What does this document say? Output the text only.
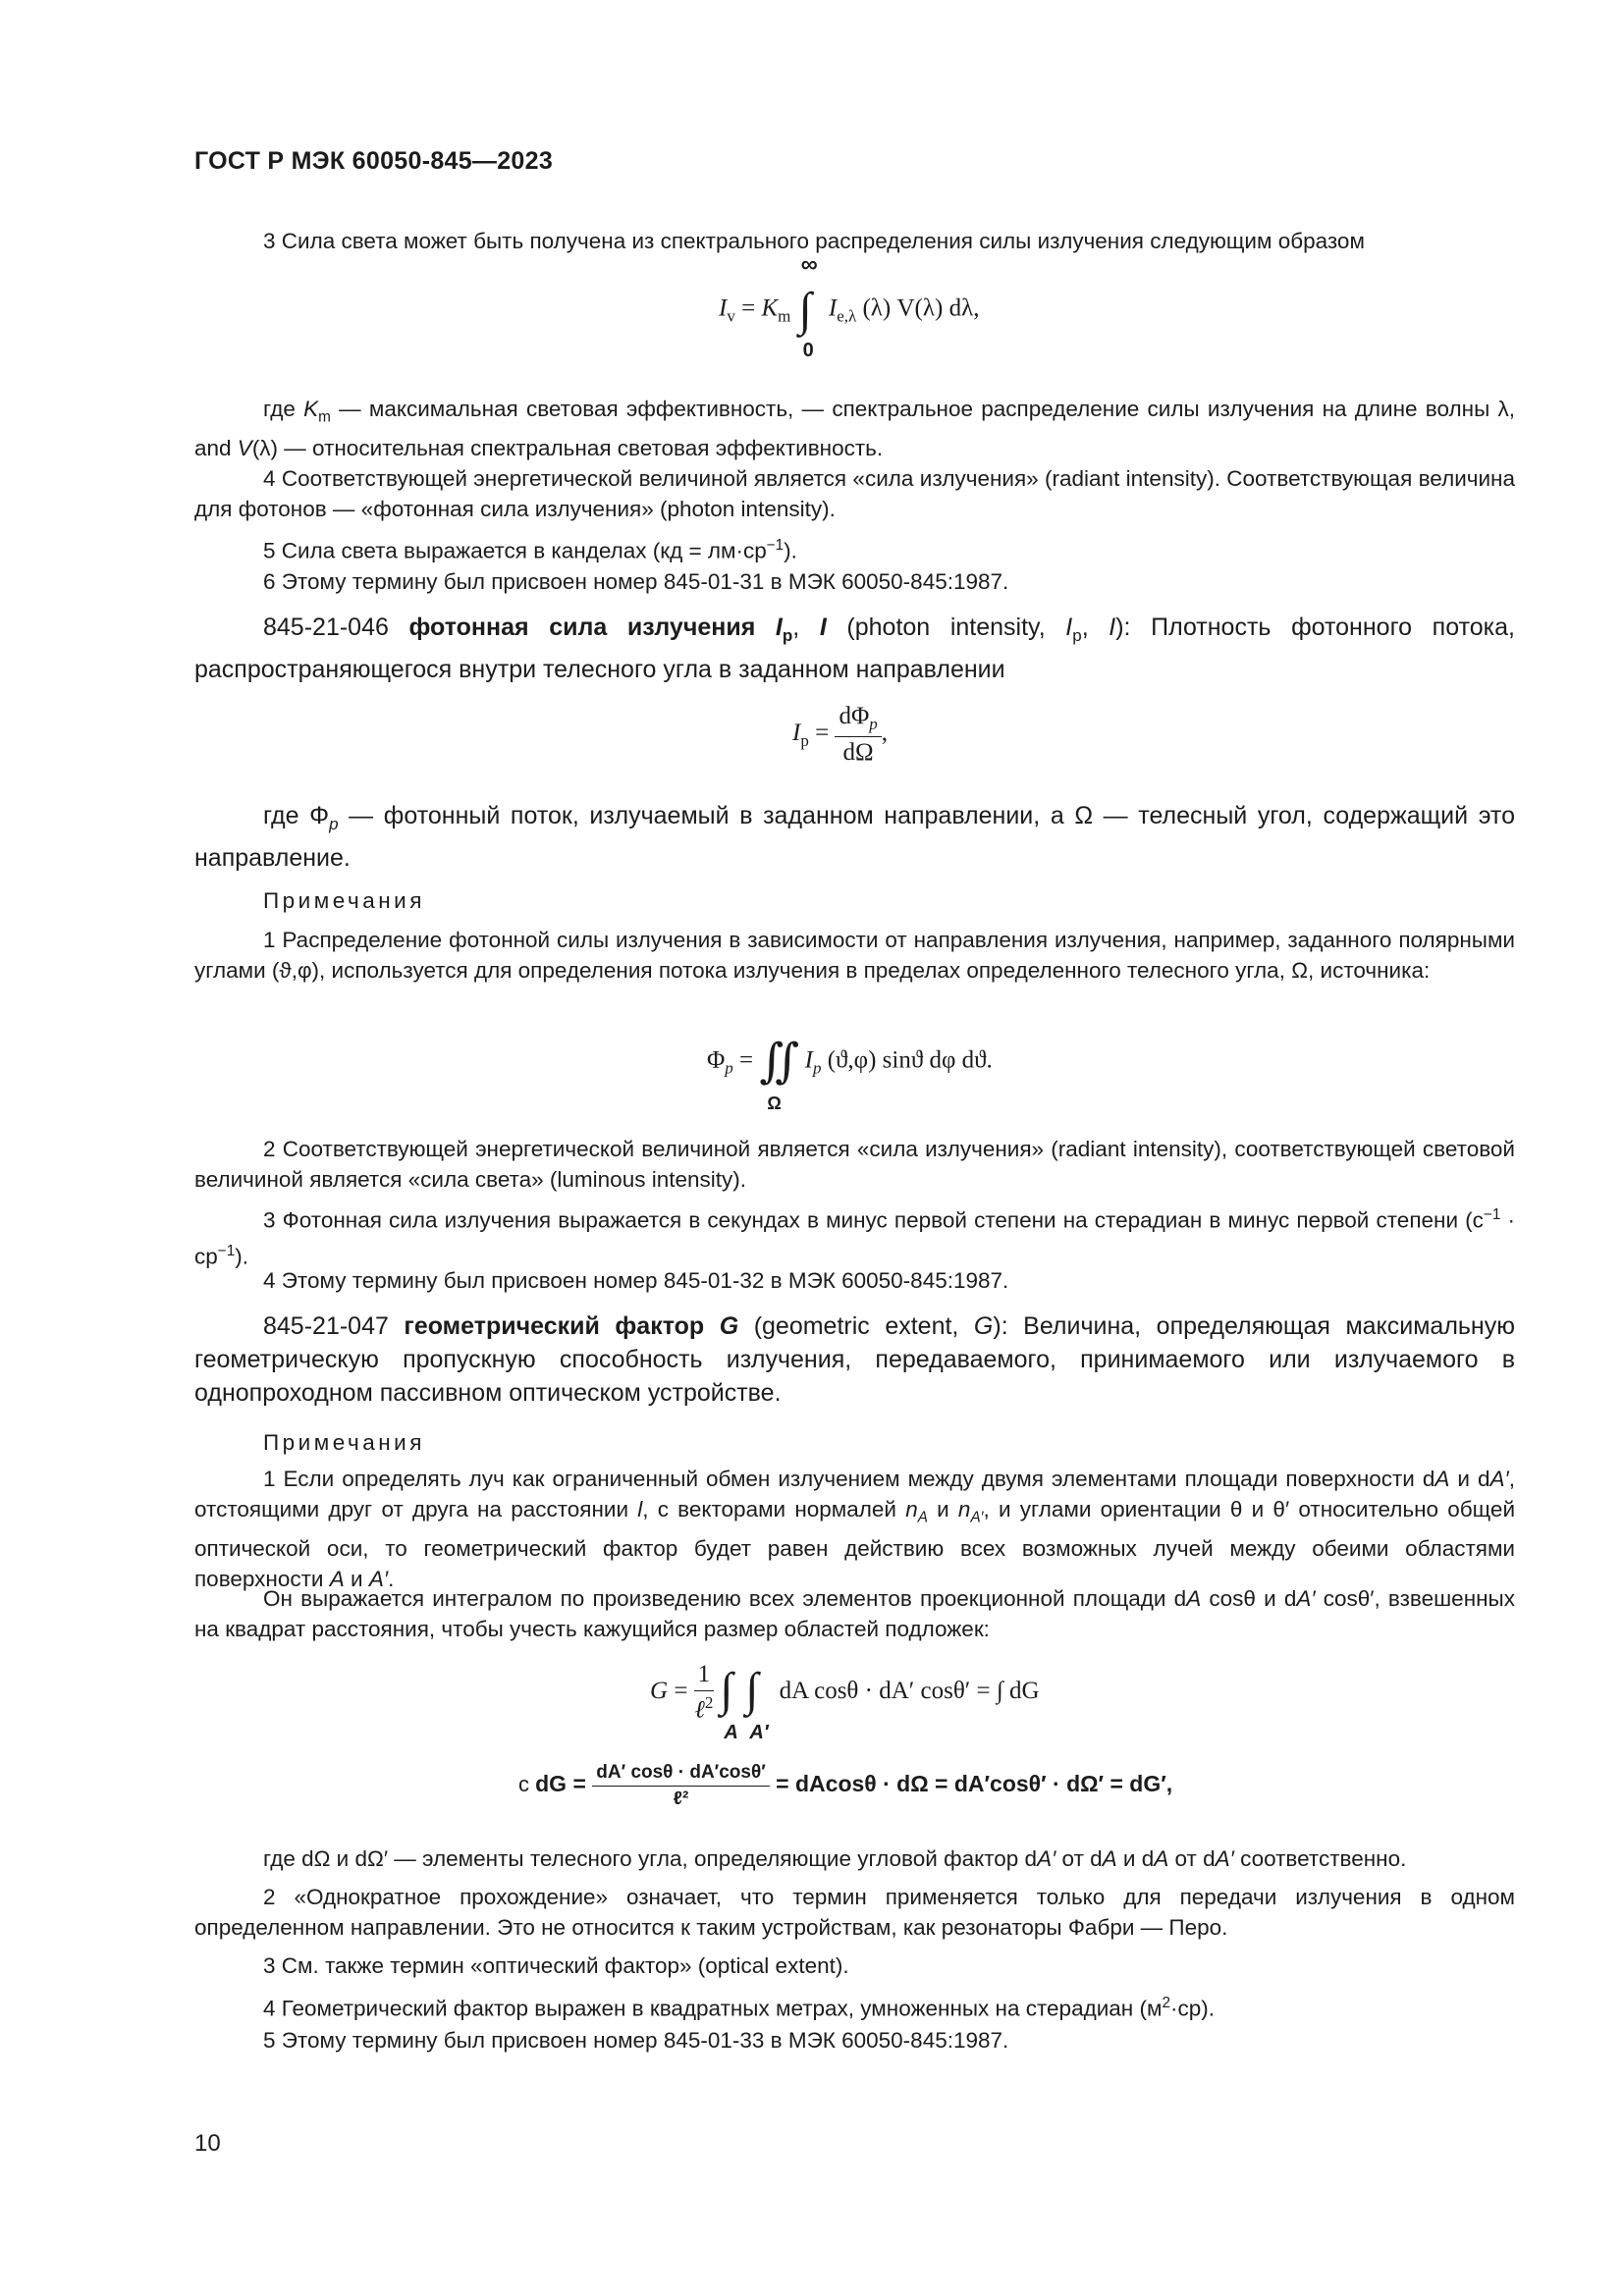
ГОСТ Р МЭК 60050-845—2023
3 Сила света может быть получена из спектрального распределения силы излучения следующим образом
$I_v = K_m$ ∫
∞
0
$I_{e,\lambda}$ (λ) V(λ) dλ,
где $K_m$ — максимальная световая эффективность, — спектральное распределение силы излучения на длине волны λ, and V(λ) — относительная спектральная световая эффективность.
4 Соответствующей энергетической величиной является «сила излучения» (radiant intensity). Соответствующая величина для фотонов — «фотонная сила излучения» (photon intensity).
5 Сила света выражается в канделах $(кд = лм\cdot ср^{-1})$.
6 Этому термину был присвоен номер 845-01-31 в МЭК 60050-845:1987.
845-21-046 фотонная сила излучения $I_p$, I (photon intensity, $I_p$, I): Плотность фотонного потока, распространяющегося внутри телесного угла в заданном направлении
$I_p = \frac{d\Phi_p}{d\Omega}$ ,
где $\Phi_p$ — фотонный поток, излучаемый в заданном направлении, а Ω — телесный угол, содержащий это направление.
Примечания
1 Распределение фотонной силы излучения в зависимости от направления излучения, например, заданного полярными углами (ϑ,φ), используется для определения потока излучения в пределах определенного телесного угла, Ω, источника:
$\Phi_p$ = ∬
Ω
$I_p$ (ϑ,φ) sinϑ dφ dϑ.
2 Соответствующей энергетической величиной является «сила излучения» (radiant intensity), соответствующей световой величиной является «сила света» (luminous intensity).
3 Фотонная сила излучения выражается в секундах в минус первой степени на стерадиан в минус первой степени $(с^{-1} \cdot ср^{-1})$.
4 Этому термину был присвоен номер 845-01-32 в МЭК 60050-845:1987.
845-21-047 геометрический фактор G (geometric extent, G): Величина, определяющая максимальную геометрическую пропускную способность излучения, передаваемого, принимаемого или излучаемого в однопроходном пассивном оптическом устройстве.
Примечания
1 Если определять луч как ограниченный обмен излучением между двумя элементами площади поверхности dA и dA′, отстоящими друг от друга на расстоянии l, с векторами нормалей $n_A$ и $n_{A'}$, и углами ориентации θ и θ′ относительно общей оптической оси, то геометрический фактор будет равен действию всех возможных лучей между обеими областями поверхности A и A′.
Он выражается интегралом по произведению всех элементов проекционной площади dA cosθ и dA′ cosθ′, взвешенных на квадрат расстояния, чтобы учесть кажущийся размер областей подложек:
$G = \frac{1}{\ell^2}$
∫ ∫
A A′
dA cosθ · dA′ cosθ′ = ∫ dG
с dG = $\frac{dA' \cos\theta \cdot dA'\cos\theta'}{\text{ℓ²}} = dAcos\theta \cdot d\Omega = dA'\cos\theta' \cdot d\Omega' = dG'$,
где dΩ и dΩ′ — элементы телесного угла, определяющие угловой фактор dA′ от dA и dA от dA′ соответственно.
2 «Однократное прохождение» означает, что термин применяется только для передачи излучения в одном определенном направлении. Это не относится к таким устройствам, как резонаторы Фабри — Перо.
3 См. также термин «оптический фактор» (optical extent).
4 Геометрический фактор выражен в квадратных метрах, умноженных на стерадиан $(м^2\cdot ср)$.
5 Этому термину был присвоен номер 845-01-33 в МЭК 60050-845:1987.
10
